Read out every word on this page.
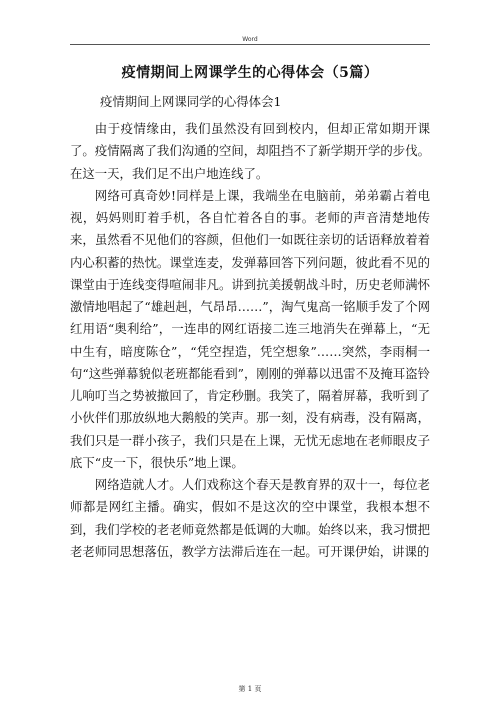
Word
疫情期间上网课学生的心得体会（5篇）
疫情期间上网课同学的心得体会1

由于疫情缘由，我们虽然没有回到校内，但却正常如期开课了。疫情隔离了我们沟通的空间，却阻挡不了新学期开学的步伐。在这一天，我们足不出户地连线了。

网络可真奇妙!同样是上课，我端坐在电脑前，弟弟霸占着电视，妈妈则盯着手机，各自忙着各自的事。老师的声音清楚地传来，虽然看不见他们的容颜，但他们一如既往亲切的话语释放着着内心积蓄的热忱。课堂连麦，发弹幕回答下列问题，彼此看不见的课堂由于连线变得喧闹非凡。讲到抗美援朝战斗时，历史老师满怀激情地唱起了“雄赳赳，气昂昂……”，淘气鬼高一铭顺手发了个网红用语“奥利给”，一连串的网红语接二连三地消失在弹幕上，“无中生有，暗度陈仓”，“凭空捏造，凭空想象”……突然，李雨桐一句“这些弹幕貌似老班都能看到”，刚刚的弹幕以迅雷不及掩耳盗铃儿响叮当之势被撤回了，肯定秒删。我笑了，隔着屏幕，我听到了小伙伴们那放纵地大鹅般的笑声。那一刻，没有病毒，没有隔离，我们只是一群小孩子，我们只是在上课，无忧无虑地在老师眼皮子底下“皮一下，很快乐”地上课。

网络造就人才。人们戏称这个春天是教育界的双十一，每位老师都是网红主播。确实，假如不是这次的空中课堂，我根本想不到，我们学校的老老师竟然都是低调的大咖。始终以来，我习惯把老老师同思想落伍，教学方法滞后连在一起。可开课伊始，讲课的

第 1 页
